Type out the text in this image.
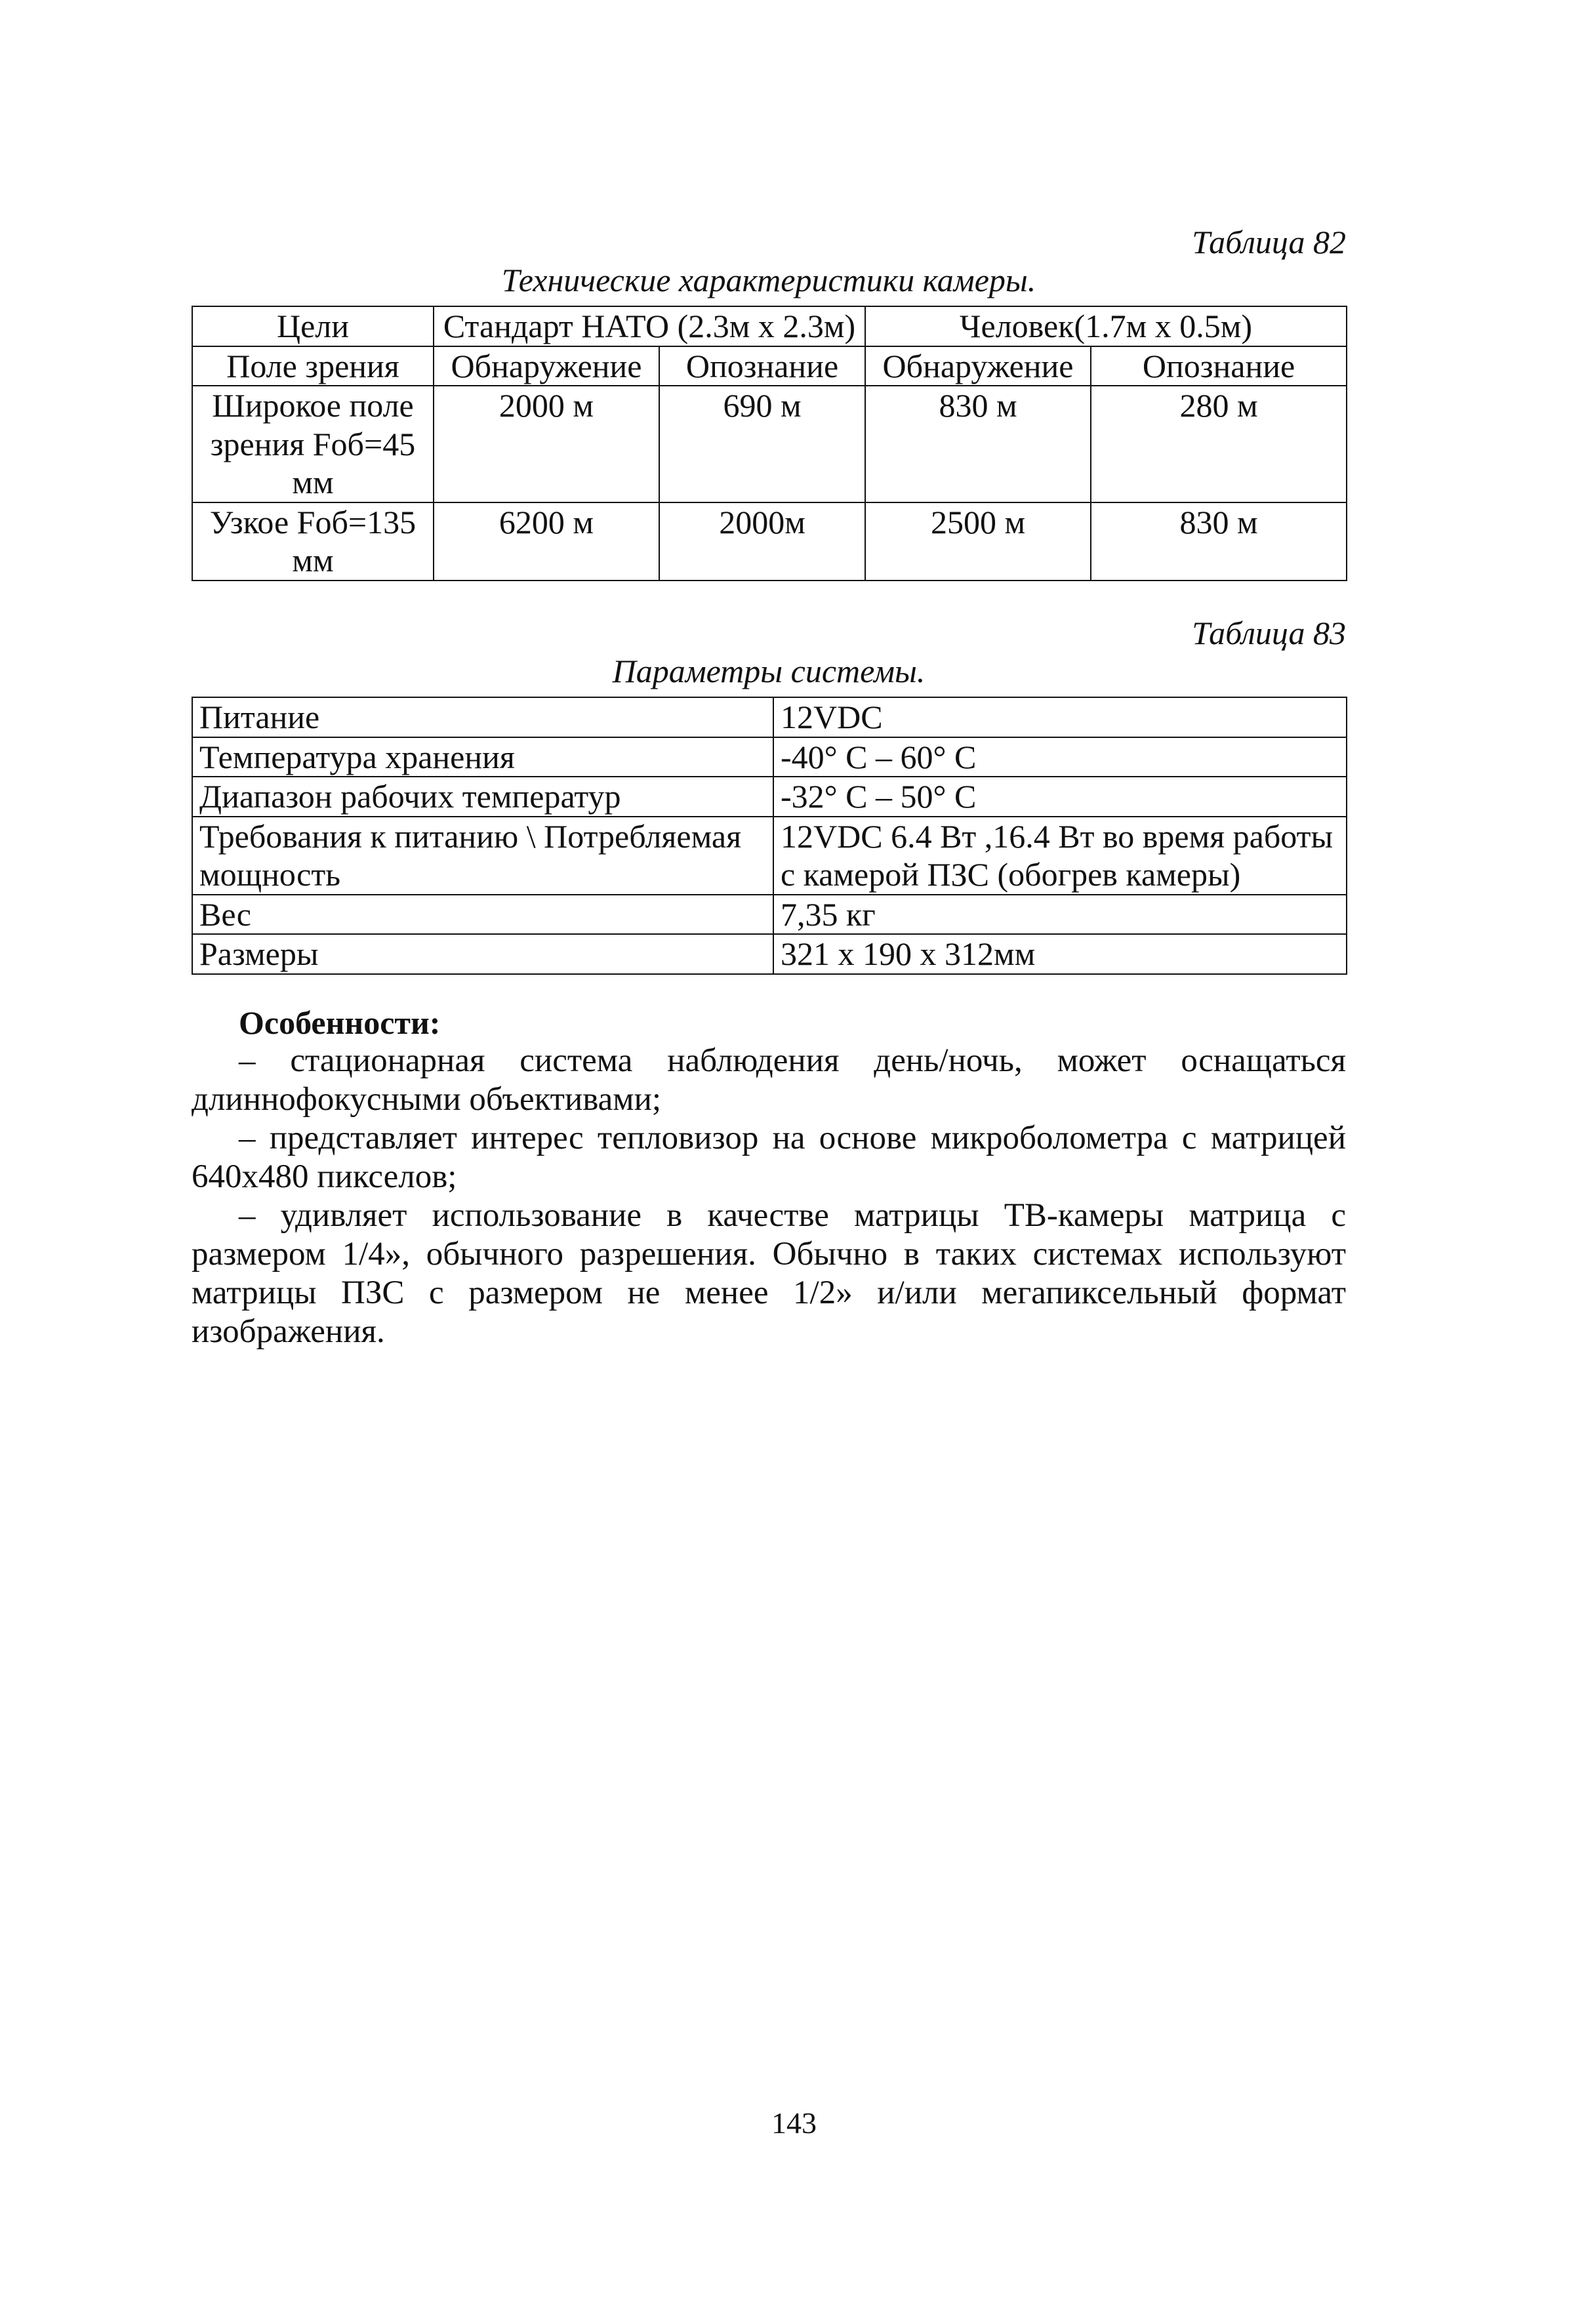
Таблица 82
Технические характеристики камеры.
Цели	Стандарт НАТО (2.3м x 2.3м)		Человек(1.7м x 0.5м)	
Поле зрения	Обнаружение	Опознание	Обнаружение	Опознание
Широкое поле зрения Fоб=45 мм	2000 м	690 м	830 м	280 м
Узкое Fоб=135 мм	6200 м	2000м	2500 м	830 м
Таблица 83
Параметры системы.
Питание	12VDC
Температура хранения	-40° C – 60° C
Диапазон рабочих температур	-32° C – 50° C
Требования к питанию \ Потребляемая мощность	12VDC 6.4 Вт ,16.4 Вт во время работы с камерой ПЗС (обогрев камеры)
Вес	7,35 кг
Размеры	321 х 190 х 312мм
Особенности:

– стационарная система наблюдения день/ночь, может оснащаться длиннофокусными объективами;

– представляет интерес тепловизор на основе микроболометра с матрицей 640x480 пикселов;

– удивляет использование в качестве матрицы ТВ-камеры матрица с размером 1/4», обычного разрешения. Обычно в таких системах используют матрицы ПЗС с размером не менее 1/2» и/или мегапиксельный формат изображения.

143
